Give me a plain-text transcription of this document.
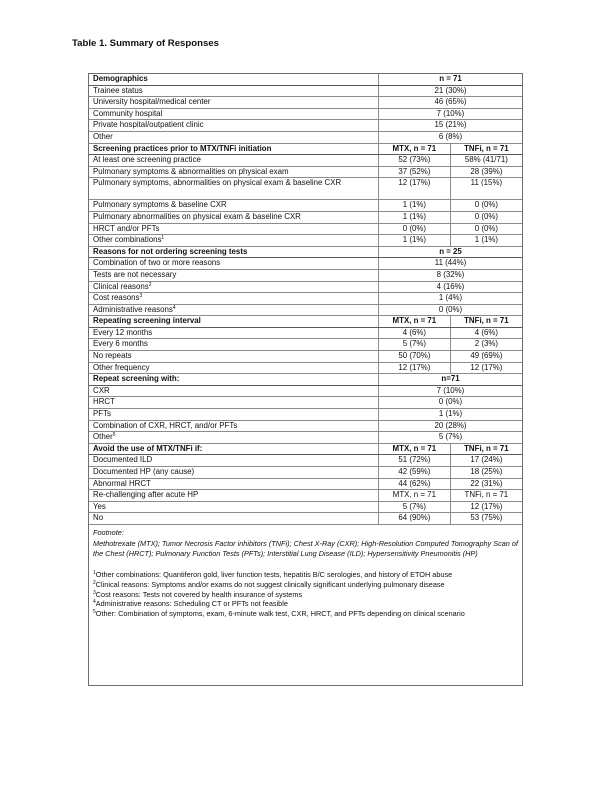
Table 1. Summary of Responses
Demographics	n = 71	
Trainee status	21 (30%)	
University hospital/medical center	46 (65%)	
Community hospital	7 (10%)	
Private hospital/outpatient clinic	15 (21%)	
Other	6 (8%)	
Screening practices prior to MTX/TNFi initiation	MTX, n = 71	TNFi, n = 71
At least one screening practice	52 (73%)	58% (41/71)
Pulmonary symptoms & abnormalities on physical exam	37 (52%)	28 (39%)
Pulmonary symptoms, abnormalities on physical exam & baseline CXR	12 (17%)	11 (15%)
Pulmonary symptoms & baseline CXR	1 (1%)	0 (0%)
Pulmonary abnormalities on physical exam & baseline CXR	1 (1%)	0 (0%)
HRCT and/or PFTs	0 (0%)	0 (0%)
Other combinations$^1$	1 (1%)	1 (1%)
Reasons for not ordering screening tests	n = 25	
Combination of two or more reasons	11 (44%)	
Tests are not necessary	8 (32%)	
Clinical reasons$^2$	4 (16%)	
Cost reasons$^3$	1 (4%)	
Administrative reasons$^4$	0 (0%)	
Repeating screening interval	MTX, n = 71	TNFi, n = 71
Every 12 months	4 (6%)	4 (6%)
Every 6 months	5 (7%)	2 (3%)
No repeats	50 (70%)	49 (69%)
Other frequency	12 (17%)	12 (17%)
Repeat screening with:	n=71	
CXR	7 (10%)	
HRCT	0 (0%)	
PFTs	1 (1%)	
Combination of CXR, HRCT, and/or PFTs	20 (28%)	
Other$^5$	5 (7%)	
Avoid the use of MTX/TNFi if:	MTX, n = 71	TNFi, n = 71
Documented ILD	51 (72%)	17 (24%)
Documented HP (any cause)	42 (59%)	18 (25%)
Abnormal HRCT	44 (62%)	22 (31%)
Re-challenging after acute HP	MTX, n = 71	TNFi, n = 71
Yes	5 (7%)	12 (17%)
No	64 (90%)	53 (75%)
Footnote:
Methotrexate (MTX); Tumor Necrosis Factor inhibitors (TNFi); Chest X-Ray (CXR); High-Resolution Computed Tomography Scan of the Chest (HRCT); Pulmonary Function Tests (PFTs); Interstitial Lung Disease (ILD); Hypersensitivity Pneumonitis (HP)
$^1$Other combinations: Quantiferon gold, liver function tests, hepatitis B/C serologies, and history of ETOH abuse
$^2$Clinical reasons: Symptoms and/or exams do not suggest clinically significant underlying pulmonary disease
$^3$Cost reasons: Tests not covered by health insurance of systems
$^4$Administrative reasons: Scheduling CT or PFTs not feasible
$^5$Other: Combination of symptoms, exam, 6-minute walk test, CXR, HRCT, and PFTs depending on clinical scenario
